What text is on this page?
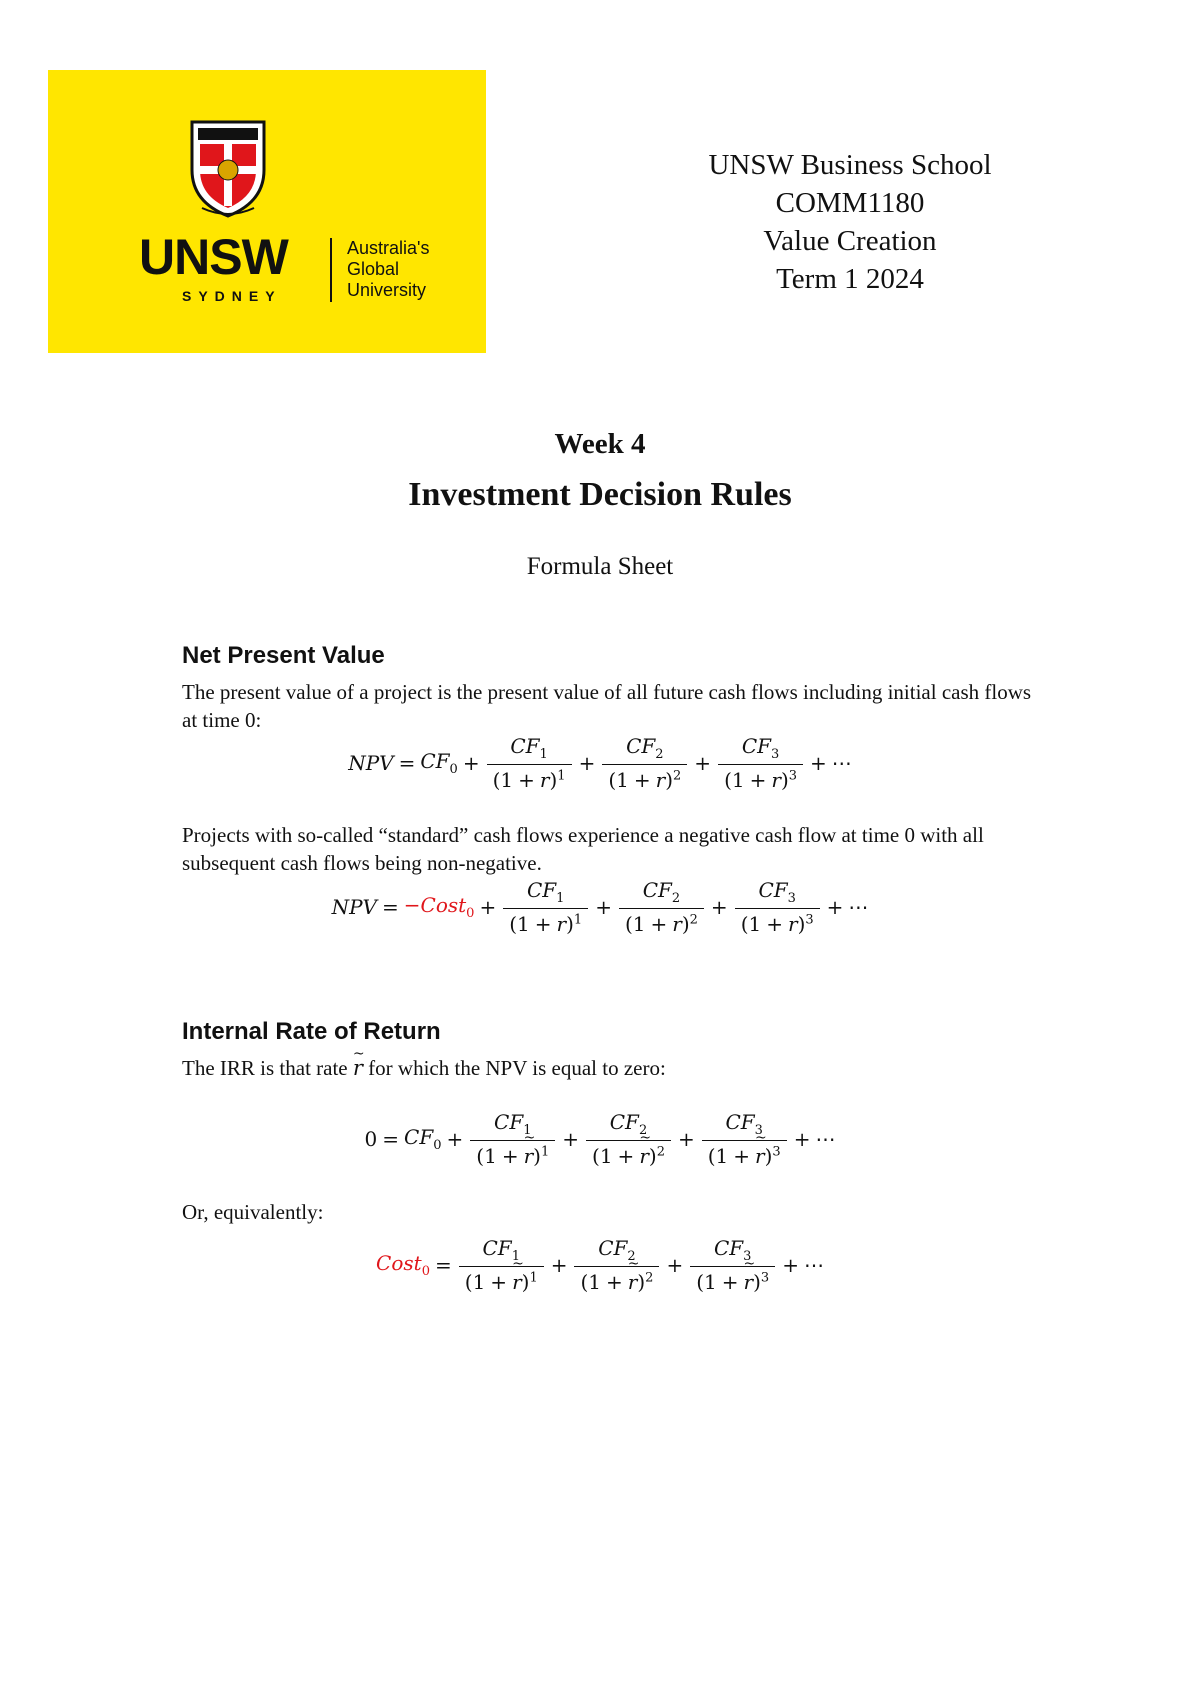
UNSW
SYDNEY
Australia's
Global
University
UNSW Business School
COMM1180
Value Creation
Term 1 2024
Week 4
Investment Decision Rules
Formula Sheet
Net Present Value
The present value of a project is the present value of all future cash flows including initial cash flows at time 0:
NPV = $CF_0 + \frac{CF_1}{(1 + r)^1} + \frac{CF_2}{(1 + r)^2} + \frac{CF_3}{(1 + r)^3}$ + ⋯
Projects with so-called “standard” cash flows experience a negative cash flow at time 0 with all subsequent cash flows being non-negative.
NPV = −Cost$_0$ + $\frac{CF_1}{(1 + r)^1} + \frac{CF_2}{(1 + r)^2} + \frac{CF_3}{(1 + r)^3}$ + ⋯
Internal Rate of Return
The IRR is that rate ~ r for which the NPV is equal to zero:
$0 = CF_0 + \frac{CF_1}{(1 + \sim r)^1} + \frac{CF_2}{(1 + \sim r)^2} + \frac{CF_3}{(1 + \sim r)^3}$ + ⋯
Or, equivalently:
Cost$_0$ = $\frac{CF_1}{(1 + \sim r)^1} + \frac{CF_2}{(1 + \sim r)^2} + \frac{CF_3}{(1 + \sim r)^3}$ + ⋯
